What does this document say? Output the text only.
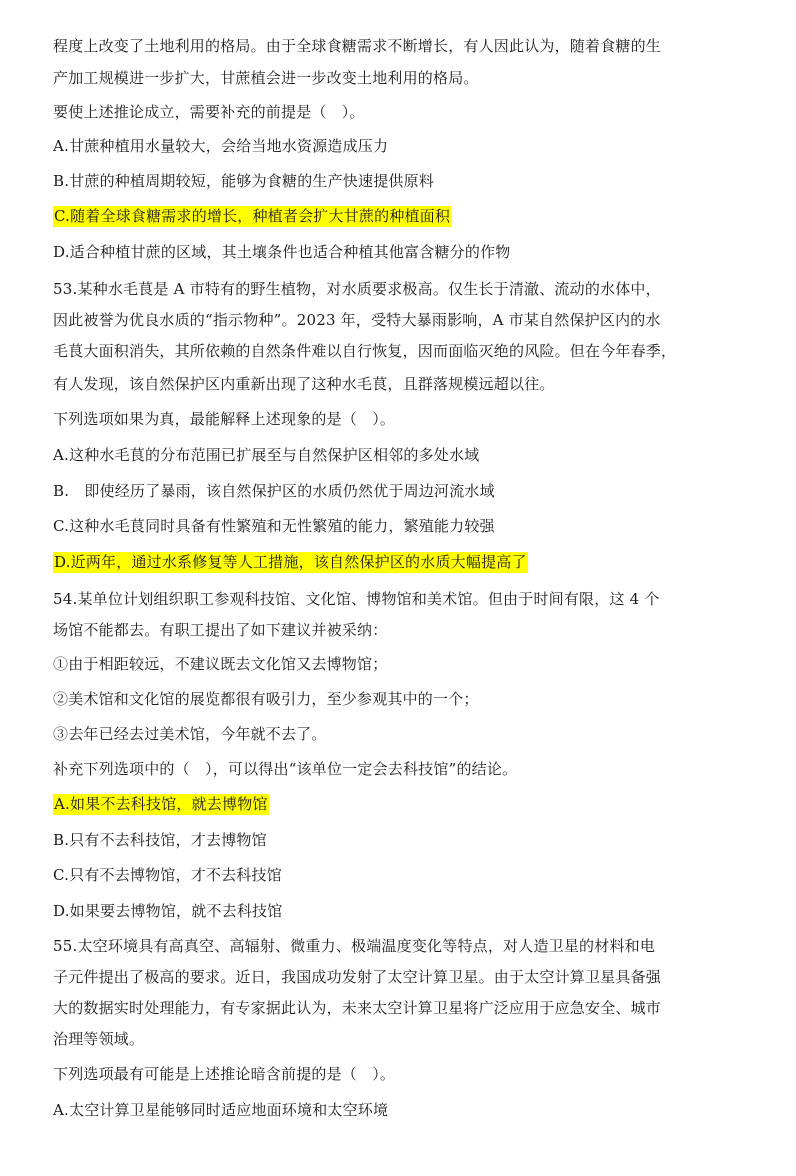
程度上改变了土地利用的格局。由于全球食糖需求不断增长，有人因此认为，随着食糖的生
产加工规模进一步扩大，甘蔗植会进一步改变土地利用的格局。
要使上述推论成立，需要补充的前提是（　）。
A.甘蔗种植用水量较大，会给当地水资源造成压力
B.甘蔗的种植周期较短，能够为食糖的生产快速提供原料
C.随着全球食糖需求的增长，种植者会扩大甘蔗的种植面积
D.适合种植甘蔗的区域，其土壤条件也适合种植其他富含糖分的作物
53.某种水毛茛是 A 市特有的野生植物，对水质要求极高。仅生长于清澈、流动的水体中，
因此被誉为优良水质的“指示物种”。2023 年，受特大暴雨影响，A 市某自然保护区内的水
毛茛大面积消失，其所依赖的自然条件难以自行恢复，因而面临灭绝的风险。但在今年春季，
有人发现，该自然保护区内重新出现了这种水毛茛，且群落规模远超以往。
下列选项如果为真，最能解释上述现象的是（　）。
A.这种水毛茛的分布范围已扩展至与自然保护区相邻的多处水域
B.　即使经历了暴雨，该自然保护区的水质仍然优于周边河流水域
C.这种水毛茛同时具备有性繁殖和无性繁殖的能力，繁殖能力较强
D.近两年，通过水系修复等人工措施，该自然保护区的水质大幅提高了
54.某单位计划组织职工参观科技馆、文化馆、博物馆和美术馆。但由于时间有限，这 4 个
场馆不能都去。有职工提出了如下建议并被采纳：
①由于相距较远，不建议既去文化馆又去博物馆；
②美术馆和文化馆的展览都很有吸引力，至少参观其中的一个；
③去年已经去过美术馆，今年就不去了。
补充下列选项中的（　），可以得出“该单位一定会去科技馆”的结论。
A.如果不去科技馆，就去博物馆
B.只有不去科技馆，才去博物馆
C.只有不去博物馆，才不去科技馆
D.如果要去博物馆，就不去科技馆
55.太空环境具有高真空、高辐射、微重力、极端温度变化等特点，对人造卫星的材料和电
子元件提出了极高的要求。近日，我国成功发射了太空计算卫星。由于太空计算卫星具备强
大的数据实时处理能力，有专家据此认为，未来太空计算卫星将广泛应用于应急安全、城市
治理等领域。
下列选项最有可能是上述推论暗含前提的是（　）。
A.太空计算卫星能够同时适应地面环境和太空环境
